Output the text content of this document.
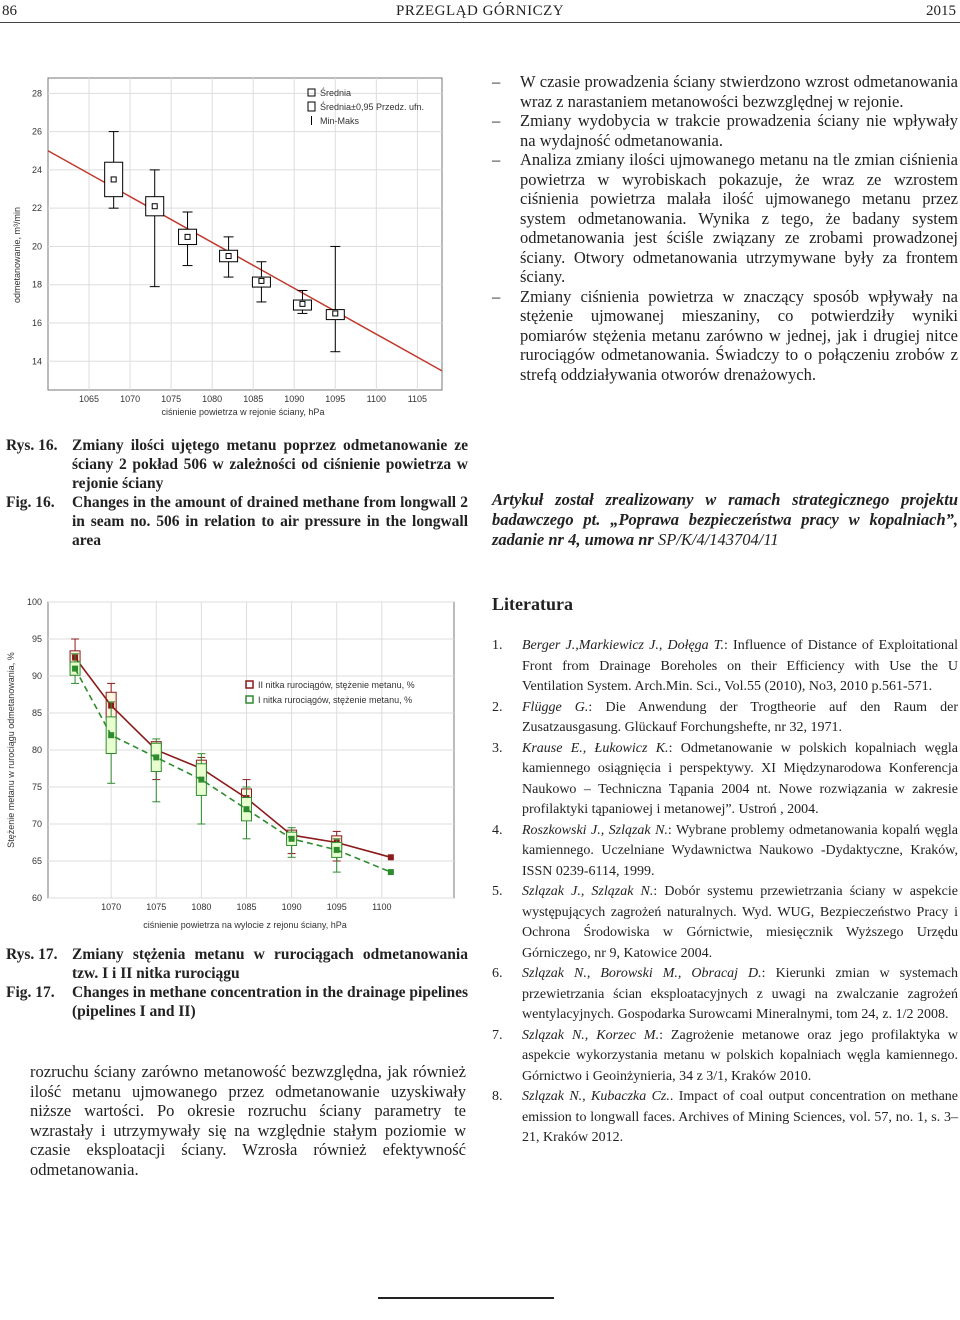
86	PRZEGLĄD GÓRNICZY	2015
14
16
18
20
22
24
26
28
1065 1070 1075 1080 1085 1090 1095 1100 1105
Średnia
Średnia±0,95 Przedz. ufn.
Min-Maks
odmetanowanie, m³/min
ciśnienie powietrza w rejonie ściany, hPa
Rys. 16. Zmiany ilości ujętego metanu poprzez odmetanowanie ze ściany 2 pokład 506 w zależności od ciśnienie powietrza w rejonie ściany
Fig. 16.	Changes in the amount of drained methane from longwall 2 in seam no. 506 in relation to air pressure in the longwall area
60
65
70
75
80
85
90
95
100
1070	1075	1080	1085	1090	1095	1100
II nitka rurociągów, stężenie metanu, %
I nitka rurociągów, stężenie metanu, %
Stężenie metanu w rurociągu odmetanowania, %
ciśnienie powietrza na wylocie z rejonu ściany, hPa
Rys. 17. Zmiany stężenia metanu w rurociągach odmetanowania tzw. I i II nitka rurociągu
Fig. 17.	Changes in methane concentration in the drainage pipelines (pipelines I and II)

rozruchu ściany zarówno metanowość bezwzględna, jak również ilość metanu ujmowanego przez odmetanowanie uzyskiwały niższe wartości. Po okresie rozruchu ściany parametry te wzrastały i utrzymywały się na względnie stałym poziomie w czasie eksploatacji ściany. Wzrosła również efektywność odmetanowania.

–	W czasie prowadzenia ściany stwierdzono wzrost odmetanowania wraz z narastaniem metanowości bezwzględnej w rejonie.
–	Zmiany wydobycia w trakcie prowadzenia ściany nie wpływały na wydajność odmetanowania.
–	Analiza zmiany ilości ujmowanego metanu na tle zmian ciśnienia powietrza w wyrobiskach pokazuje, że wraz ze wzrostem ciśnienia powietrza malała ilość ujmowanego metanu przez system odmetanowania. Wynika z tego, że badany system odmetanowania jest ściśle związany ze zrobami prowadzonej ściany. Otwory odmetanowania utrzymywane były za frontem ściany.
–	Zmiany ciśnienia powietrza w znaczący sposób wpływały na stężenie ujmowanej mieszaniny, co potwierdziły wyniki pomiarów stężenia metanu zarówno w jednej, jak i drugiej nitce rurociągów odmetanowania. Świadczy to o połączeniu zrobów z strefą oddziaływania otworów drenażowych.
Artykuł został zrealizowany w ramach strategicznego projektu badawczego pt. „Poprawa bezpieczeństwa pracy w kopalniach”, zadanie nr 4, umowa nr SP/K/4/143704/11
Literatura
1.	Berger J.,Markiewicz J., Dołęga T.: Influence of Distance of Exploitational Front from Drainage Boreholes on their Efficiency with Use the U Ventilation System. Arch.Min. Sci., Vol.55 (2010), No3, 2010 p.561-571.
2.	Flügge G.: Die Anwendung der Trogtheorie auf den Raum der Zusatzausgasung. Glückauf Forchungshefte, nr 32, 1971.
3.	Krause E., Łukowicz K.: Odmetanowanie w polskich kopalniach węgla kamiennego osiągnięcia i perspektywy. XI Międzynarodowa Konferencja Naukowo – Techniczna Tąpania 2004 nt. Nowe rozwiązania w zakresie profilaktyki tąpaniowej i metanowej”. Ustroń , 2004.
4.	Roszkowski J., Szlązak N.: Wybrane problemy odmetanowania kopalń węgla kamiennego. Uczelniane Wydawnictwa Naukowo -Dydaktyczne, Kraków, ISSN 0239-6114, 1999.
5.	Szlązak J., Szlązak N.: Dobór systemu przewietrzania ściany w aspekcie występujących zagrożeń naturalnych. Wyd. WUG, Bezpieczeństwo Pracy i Ochrona Środowiska w Górnictwie, miesięcznik Wyższego Urzędu Górniczego, nr 9, Katowice 2004.
6.	Szlązak N., Borowski M., Obracaj D.: Kierunki zmian w systemach przewietrzania ścian eksploatacyjnych z uwagi na zwalczanie zagrożeń wentylacyjnych. Gospodarka Surowcami Mineralnymi, tom 24, z. 1/2 2008.
7.	Szlązak N., Korzec M.: Zagrożenie metanowe oraz jego profilaktyka w aspekcie wykorzystania metanu w polskich kopalniach węgla kamiennego. Górnictwo i Geoinżynieria, 34 z 3/1, Kraków 2010.
8.	Szlązak N., Kubaczka Cz.. Impact of coal output concentration on methane emission to longwall faces. Archives of Mining Sciences, vol. 57, no. 1, s. 3–21, Kraków 2012.
